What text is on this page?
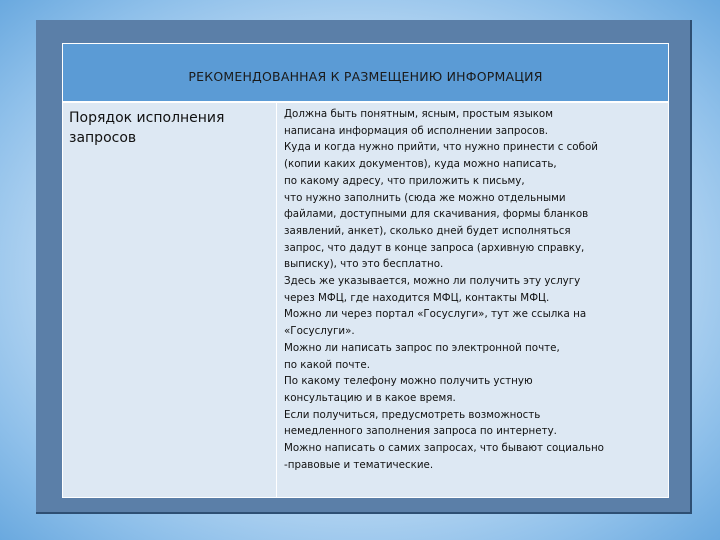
РЕКОМЕНДОВАННАЯ К РАЗМЕЩЕНИЮ ИНФОРМАЦИЯ
Порядок исполнения запросов
Должна быть понятным, ясным, простым языком
написана информация об исполнении запросов.
Куда и когда нужно прийти, что нужно принести с собой
(копии каких документов), куда можно написать,
по какому адресу, что приложить к письму,
что нужно заполнить (сюда же можно отдельными
файлами, доступными для скачивания, формы бланков
заявлений, анкет), сколько дней будет исполняться
запрос, что дадут в конце запроса (архивную справку,
выписку), что это бесплатно.
Здесь же указывается, можно ли получить эту услугу
через МФЦ, где находится МФЦ, контакты МФЦ.
Можно ли через портал «Госуслуги», тут же ссылка на
«Госуслуги».
Можно ли написать запрос по электронной почте,
по какой почте.
По какому телефону можно получить устную
консультацию и в какое время.
Если получиться, предусмотреть возможность
немедленного заполнения запроса по интернету.
Можно написать о самих запросах, что бывают социально
-правовые и тематические.
